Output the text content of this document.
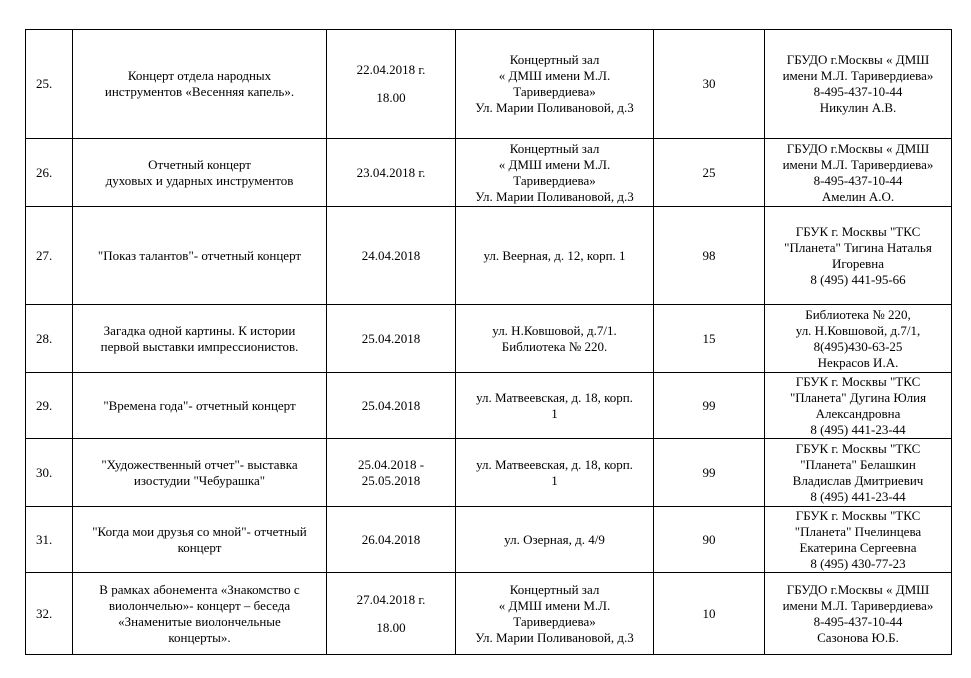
25.	Концерт отдела народных
инструментов «Весенняя капель».	22.04.2018 г.
18.00	Концертный зал
« ДМШ имени М.Л.
Таривердиева»
Ул. Марии Поливановой, д.3	30	ГБУДО г.Москвы « ДМШ
имени М.Л. Таривердиева»
8-495-437-10-44
Никулин А.В.
26.	Отчетный концерт
духовых и ударных инструментов	23.04.2018 г.	Концертный зал
« ДМШ имени М.Л.
Таривердиева»
Ул. Марии Поливановой, д.3	25	ГБУДО г.Москвы « ДМШ
имени М.Л. Таривердиева»
8-495-437-10-44
Амелин А.О.
27.	"Показ талантов"- отчетный концерт	24.04.2018	ул. Веерная, д. 12, корп. 1	98	ГБУК г. Москвы "ТКС
"Планета" Тигина Наталья
Игоревна
8 (495) 441-95-66
28.	Загадка одной картины. К истории
первой выставки импрессионистов.	25.04.2018	ул. Н.Ковшовой, д.7/1.
Библиотека № 220.	15	Библиотека № 220,
ул. Н.Ковшовой, д.7/1,
8(495)430-63-25
Некрасов И.А.
29.	"Времена года"- отчетный концерт	25.04.2018	ул. Матвеевская, д. 18, корп.
1	99	ГБУК г. Москвы "ТКС
"Планета" Дугина Юлия
Александровна
8 (495) 441-23-44
30.	"Художественный отчет"- выставка
изостудии "Чебурашка"	25.04.2018 -
25.05.2018	ул. Матвеевская, д. 18, корп.
1	99	ГБУК г. Москвы "ТКС
"Планета" Белашкин
Владислав Дмитриевич
8 (495) 441-23-44
31.	"Когда мои друзья со мной"- отчетный
концерт	26.04.2018	ул. Озерная, д. 4/9	90	ГБУК г. Москвы "ТКС
"Планета" Пчелинцева
Екатерина Сергеевна
8 (495) 430-77-23
32.	В рамках абонемента «Знакомство с
виолончелью»- концерт – беседа
«Знаменитые виолончельные
концерты».	27.04.2018 г.
18.00	Концертный зал
« ДМШ имени М.Л.
Таривердиева»
Ул. Марии Поливановой, д.3	10	ГБУДО г.Москвы « ДМШ
имени М.Л. Таривердиева»
8-495-437-10-44
Сазонова Ю.Б.
